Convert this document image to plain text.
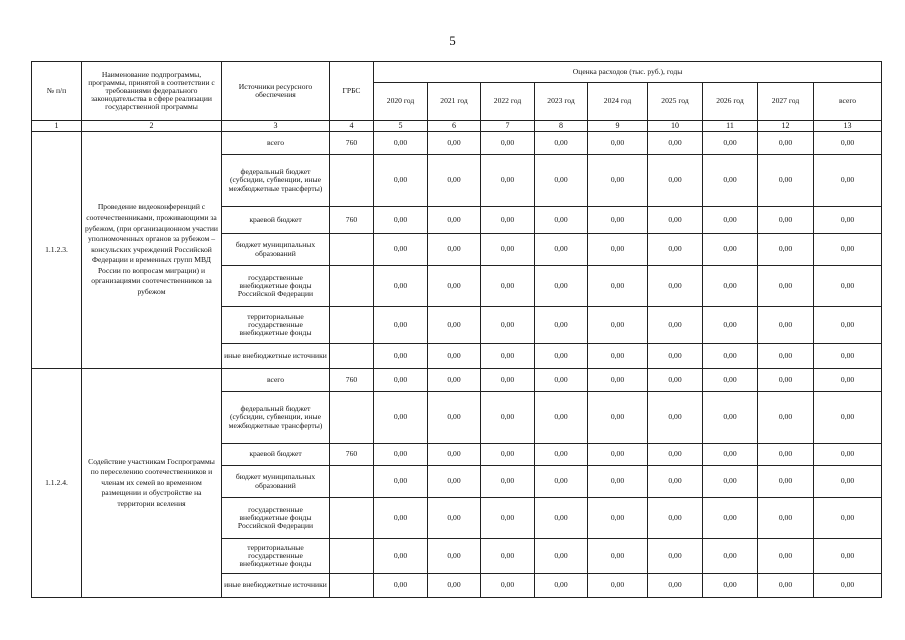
5
№ п/п	Наименование подпрограммы, программы, принятой в соответствии с требованиями федерального законодательства в сфере реализации государственной программы	Источники ресурсного обеспечения	ГРБС	Оценка расходов (тыс. руб.), годы								
				2020 год	2021 год	2022 год	2023 год	2024 год	2025 год	2026 год	2027 год	всего
1	2	3	4	5	6	7	8	9	10	11	12	13
1.1.2.3.	Проведение видеоконференций с соотечественниками, проживающими за рубежом, (при организационном участии уполномоченных органов за рубежом – консульских учреждений Российской Федерации и временных групп МВД России по вопросам миграции) и организациями соотечественников за рубежом	всего	760	0,00	0,00	0,00	0,00	0,00	0,00	0,00	0,00	0,00
		федеральный бюджет (субсидии, субвенции, иные межбюджетные трансферты)		0,00	0,00	0,00	0,00	0,00	0,00	0,00	0,00	0,00
		краевой бюджет	760	0,00	0,00	0,00	0,00	0,00	0,00	0,00	0,00	0,00
		бюджет муниципальных образований		0,00	0,00	0,00	0,00	0,00	0,00	0,00	0,00	0,00
		государственные внебюджетные фонды Российской Федерации		0,00	0,00	0,00	0,00	0,00	0,00	0,00	0,00	0,00
		территориальные государственные внебюджетные фонды		0,00	0,00	0,00	0,00	0,00	0,00	0,00	0,00	0,00
		иные внебюджетные источники		0,00	0,00	0,00	0,00	0,00	0,00	0,00	0,00	0,00
1.1.2.4.	Содействие участникам Госпрограммы по переселению соотечественников и членам их семей во временном размещении и обустройстве на территории вселения	всего	760	0,00	0,00	0,00	0,00	0,00	0,00	0,00	0,00	0,00
		федеральный бюджет (субсидии, субвенции, иные межбюджетные трансферты)		0,00	0,00	0,00	0,00	0,00	0,00	0,00	0,00	0,00
		краевой бюджет	760	0,00	0,00	0,00	0,00	0,00	0,00	0,00	0,00	0,00
		бюджет муниципальных образований		0,00	0,00	0,00	0,00	0,00	0,00	0,00	0,00	0,00
		государственные внебюджетные фонды Российской Федерации		0,00	0,00	0,00	0,00	0,00	0,00	0,00	0,00	0,00
		территориальные государственные внебюджетные фонды		0,00	0,00	0,00	0,00	0,00	0,00	0,00	0,00	0,00
		иные внебюджетные источники		0,00	0,00	0,00	0,00	0,00	0,00	0,00	0,00	0,00
